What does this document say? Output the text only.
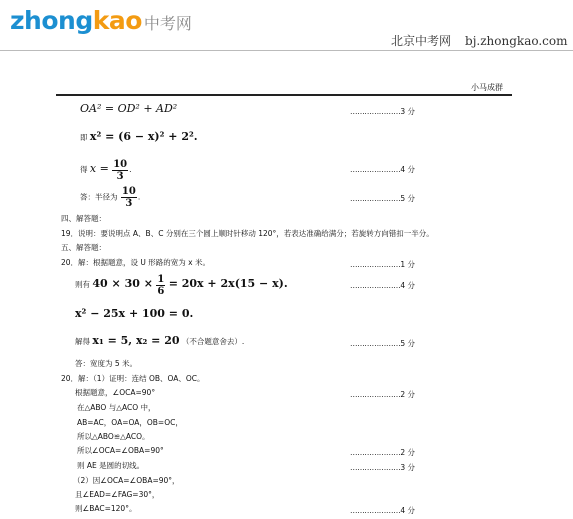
zhong kao 中考网
北京中考网 bj.zhongkao.com
小马成群
OA² = OD² + AD²	…………………3 分
即 x² = (6 − x)² + 2².
得 $x = \frac{10}{3}$ .	…………………4 分
答：半径为 $\frac{10}{3}$ .	…………………5 分
四、解答题：
19．说明：要说明点 A、B、C 分别在三个圆上顺时针移动 120°，若表达准确给满分；若旋转方向错扣一半分。
五、解答题：
20．解：根据题意，设 U 形路的宽为 x 米。	…………………1 分
则有 $40 \times 30 \times \frac{1}{6} = 20x + 2x(15 - x)$.	…………………4 分
x² − 25x + 100 = 0.
解得 x₁ = 5, x₂ = 20 （不合题意舍去）.	…………………5 分
答：宽度为 5 米。
20．解：（1）证明：连结 OB、OA、OC。
根据题意，∠OCA=90°	…………………2 分
在△ABO 与△ACO 中，
AB=AC，OA=OA，OB=OC，
所以△ABO≌△ACO。
所以∠OCA=∠OBA=90°	…………………2 分
则 AE 是圆的切线。	…………………3 分
（2）因∠OCA=∠OBA=90°，
且∠EAD=∠FAG=30°，
则∠BAC=120°。	…………………4 分
